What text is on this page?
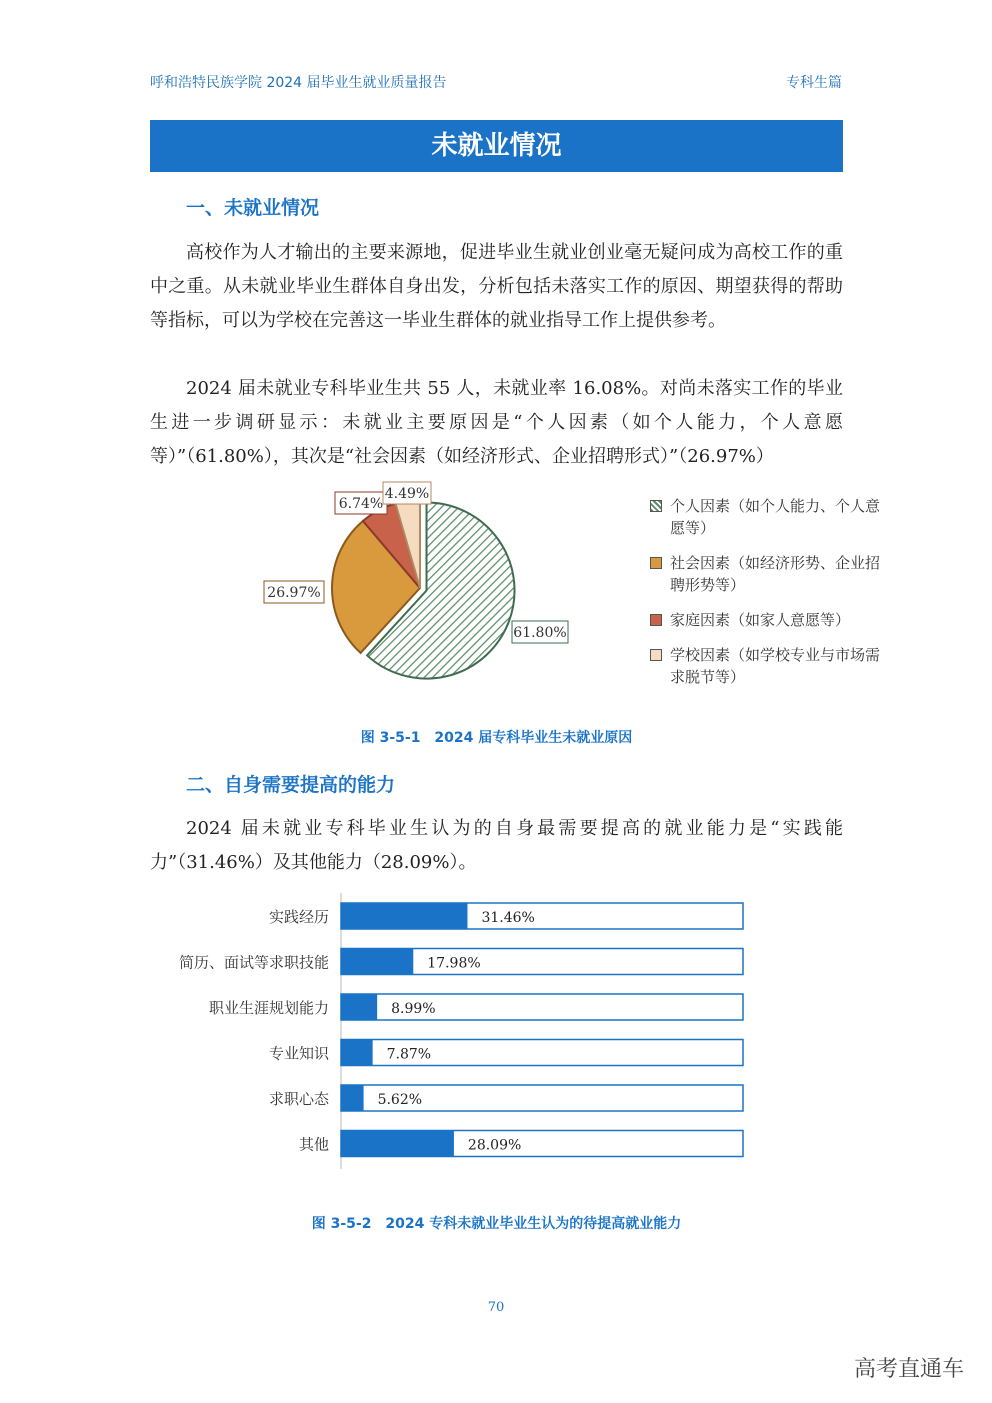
呼和浩特民族学院 2024 届毕业生就业质量报告	专科生篇
未就业情况
一、未就业情况

高校作为人才输出的主要来源地，促进毕业生就业创业毫无疑问成为高校工作的重中之重。从未就业毕业生群体自身出发，分析包括未落实工作的原因、期望获得的帮助等指标，可以为学校在完善这一毕业生群体的就业指导工作上提供参考。

2024 届未就业专科毕业生共 55 人，未就业率 16.08%。对尚未落实工作的毕业生进一步调研显示：未就业主要原因是“个人因素（如个人能力，个人意愿等）”（61.80%），其次是“社会因素（如经济形式、企业招聘形式）”（26.97%）

61.80%
26.97%
6.74%
4.49%
个人因素（如个人能力、个人意愿等）
社会因素（如经济形势、企业招聘形势等）
家庭因素（如家人意愿等）
学校因素（如学校专业与市场需求脱节等）
图 3-5-1　2024 届专科毕业生未就业原因
二、自身需要提高的能力

2024 届未就业专科毕业生认为的自身最需要提高的就业能力是“实践能力”（31.46%）及其他能力（28.09%）。

实践经历	31.46%
简历、面试等求职技能	17.98%
职业生涯规划能力	8.99%
专业知识	7.87%
求职心态	5.62%
其他	28.09%
图 3-5-2　2024 专科未就业毕业生认为的待提高就业能力
70
高考直通车
